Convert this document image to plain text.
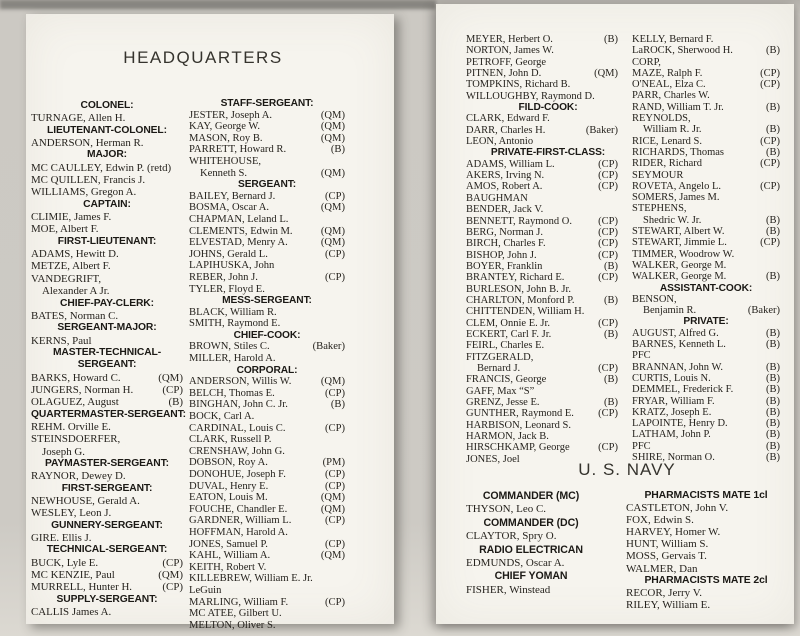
HEADQUARTERS
COLONEL:
TURNAGE, Allen H.
LIEUTENANT-COLONEL:
ANDERSON, Herman R.
MAJOR:
MC CAULLEY, Edwin P. (retd)
MC QUILLEN, Francis J.
WILLIAMS, Gregon A.
CAPTAIN:
CLIMIE, James F.
MOE, Albert F.
FIRST-LIEUTENANT:
ADAMS, Hewitt D.
METZE, Albert F.
VANDEGRIFT,
Alexander A Jr.
CHIEF-PAY-CLERK:
BATES, Norman C.
SERGEANT-MAJOR:
KERNS, Paul
MASTER-TECHNICAL-
SERGEANT:
BARKS, Howard C.	(QM)
JUNGERS, Norman H.	(CP)
OLAGUEZ, August	(B)
QUARTERMASTER-SERGEANT:
REHM. Orville E.
STEINSDOERFER,
Joseph G.
PAYMASTER-SERGEANT:
RAYNOR, Dewey D.
FIRST-SERGEANT:
NEWHOUSE, Gerald A.
WESLEY, Leon J.
GUNNERY-SERGEANT:
GIRE. Ellis J.
TECHNICAL-SERGEANT:
BUCK, Lyle E.	(CP)
MC KENZIE, Paul	(QM)
MURRELL, Hunter H.	(CP)
SUPPLY-SERGEANT:
CALLIS James A.
STAFF-SERGEANT:
JESTER, Joseph A.	(QM)
KAY, George W.	(QM)
MASON, Roy B.	(QM)
PARRETT, Howard R.	(B)
WHITEHOUSE,
Kenneth S.	(QM)
SERGEANT:
BAILEY, Bernard J.	(CP)
BOSMA, Oscar A.	(QM)
CHAPMAN, Leland L.
CLEMENTS, Edwin M.	(QM)
ELVESTAD, Menry A.	(QM)
JOHNS, Gerald L.	(CP)
LAPIHUSKA, John
REBER, John J.	(CP)
TYLER, Floyd E.
MESS-SERGEANT:
BLACK, William R.
SMITH, Raymond E.
CHIEF-COOK:
BROWN, Stiles C.	(Baker)
MILLER, Harold A.
CORPORAL:
ANDERSON, Willis W.	(QM)
BELCH, Thomas E.	(CP)
BINGHAN, John C. Jr.	(B)
BOCK, Carl A.
CARDINAL, Louis C.	(CP)
CLARK, Russell P.
CRENSHAW, John G.
DOBSON, Roy A.	(PM)
DONOHUE, Joseph F.	(CP)
DUVAL, Henry E.	(CP)
EATON, Louis M.	(QM)
FOUCHE, Chandler E.	(QM)
GARDNER, William L.	(CP)
HOFFMAN, Harold A.
JONES, Samuel P.	(CP)
KAHL, William A.	(QM)
KEITH, Robert V.
KILLEBREW, William E. Jr.
LeGuin
MARLING, William F.	(CP)
MC ATEE, Gilbert U.
MELTON, Oliver S.
MEYER, Herbert O.	(B)
NORTON, James W.
PETROFF, George
PITNEN, John D.	(QM)
TOMPKINS, Richard B.
WILLOUGHBY, Raymond D.
FILD-COOK:
CLARK, Edward F.
DARR, Charles H.	(Baker)
LEON, Antonio
PRIVATE-FIRST-CLASS:
ADAMS, William L.	(CP)
AKERS, Irving N.	(CP)
AMOS, Robert A.	(CP)
BAUGHMAN
BENDER, Jack V.
BENNETT, Raymond O. (CP)
BERG, Norman J.	(CP)
BIRCH, Charles F.	(CP)
BISHOP, John J.	(CP)
BOYER, Franklin	(B)
BRANTEY, Richard E.	(CP)
BURLESON, John B. Jr.
CHARLTON, Monford P.	(B)
CHITTENDEN, William H.
CLEM, Onnie E. Jr.	(CP)
ECKERT, Carl F. Jr.	(B)
FEIRL, Charles E.
FITZGERALD,
Bernard J.	(CP)
FRANCIS, George	(B)
GAFF, Max “S”
GRENZ, Jesse E.	(B)
GUNTHER, Raymond E. (CP)
HARBISON, Leonard S.
HARMON, Jack B.
HIRSCHKAMP, George	(CP)
JONES, Joel
KELLY, Bernard F.
LaROCK, Sherwood H.	(B)
CORP,
MAZE, Ralph F.	(CP)
O'NEAL, Elza C.	(CP)
PARR, Charles W.
RAND, William T. Jr.	(B)
REYNOLDS,
William R. Jr.	(B)
RICE, Lenard S.	(CP)
RICHARDS, Thomas	(B)
RIDER, Richard	(CP)
SEYMOUR
ROVETA, Angelo L.	(CP)
SOMERS, James M.
STEPHENS,
Shedric W. Jr.	(B)
STEWART, Albert W.	(B)
STEWART, Jimmie L.	(CP)
TIMMER, Woodrow W.
WALKER, George M.
WALKER, George M.	(B)
ASSISTANT-COOK:
BENSON,
Benjamin R.	(Baker)
PRIVATE:
AUGUST, Alfred G.	(B)
BARNES, Kenneth L.	(B)
PFC
BRANNAN, John W.	(B)
CURTIS, Louis N.	(B)
DEMMEL, Frederick F.	(B)
FRYAR, William F.	(B)
KRATZ, Joseph E.	(B)
LAPOINTE, Henry D.	(B)
LATHAM, John P.	(B)
PFC	(B)
SHIRE, Norman O.	(B)
U. S. NAVY
COMMANDER (MC)
THYSON, Leo C.
COMMANDER (DC)
CLAYTOR, Spry O.
RADIO ELECTRICAN
EDMUNDS, Oscar A.
CHIEF YOMAN
FISHER, Winstead
PHARMACISTS MATE 1cl
CASTLETON, John V.
FOX, Edwin S.
HARVEY, Homer W.
HUNT, William S.
MOSS, Gervais T.
WALMER, Dan
PHARMACISTS MATE 2cl
RECOR, Jerry V.
RILEY, William E.
